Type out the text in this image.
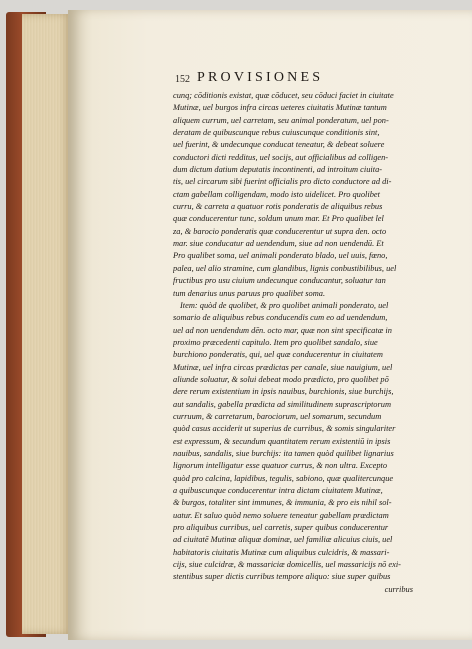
152 PROVISIONES
cunq; cōditionis existat, quæ cōducet, seu cōduci faciet in ciuitate
Mutinæ, uel burgos infra circas ueteres ciuitatis Mutinæ tantum
aliquem currum, uel carretam, seu animal ponderatum, uel pon-
deratam de quibuscunque rebus cuiuscunque conditionis sint,
uel fuerint, & undecunque conducat teneatur, & debeat soluere
conductori dicti redditus, uel socijs, aut officialibus ad colligen-
dum dictum datium deputatis incontinenti, ad introitum ciuita-
tis, uel circarum sibi fuerint officialis pro dicto conductore ad di-
ctam gabellam colligendam, modo isto uidelicet. Pro quolibet
curru, & carreta a quatuor rotis ponderatis de aliquibus rebus
quæ conducerentur tunc, soldum unum mar. Et Pro qualibet lel
za, & barocio ponderatis quæ conducerentur ut supra den. octo
mar. siue conducatur ad uendendum, siue ad non uendendū. Et
Pro qualibet soma, uel animali ponderato blado, uel uuis, fœno,
palea, uel alio stramine, cum glandibus, lignis conbustibilibus, uel
fructibus pro usu ciuium undecunque conducantur, soluatur tan
tum denarius unus paruus pro qualibet soma.
Item: quòd de quolibet, & pro quolibet animali ponderato, uel
somario de aliquibus rebus conducendis cum eo ad uendendum,
uel ad non uendendum dēn. octo mar, quæ non sint specificatæ in
proximo præcedenti capitulo. Item pro quolibet sandalo, siue
burchiono ponderatis, qui, uel quæ conducerentur in ciuitatem
Mutinæ, uel infra circas prædictas per canale, siue nauigium, uel
aliunde soluatur, & solui debeat modo prædicto, pro quolibet pō
dere rerum existentium in ipsis nauibus, burchionis, siue burchijs,
aut sandalis, gabella prædicta ad similitudinem suprascriptorum
curruum, & carretarum, barociorum, uel somarum, secundum
quòd casus acciderit ut superius de curribus, & somis singulariter
est expressum, & secundum quantitatem rerum existentiū in ipsis
nauibus, sandalis, siue burchijs: ita tamen quòd quilibet lignarius
lignorum intelligatur esse quatuor currus, & non ultra. Excepto
quòd pro calcina, lapidibus, tegulis, sabiono, quæ qualitercunque
a quibuscunque conducerentur intra dictam ciuitatem Mutinæ,
& burgos, totaliter sint immunes, & immunia, & pro eis nihil sol-
uatur. Et saluo quòd nemo soluere teneatur gabellam prædictam
pro aliquibus curribus, uel carretis, super quibus conducerentur
ad ciuitatē Mutinæ aliquæ dominæ, uel familiæ alicuius ciuis, uel
habitatoris ciuitatis Mutinæ cum aliquibus culcidris, & massari-
cijs, siue culcidræ, & massariciæ domicellis, uel massaricijs nō exi-
stentibus super dictis curribus tempore aliquo: siue super quibus
curribus
